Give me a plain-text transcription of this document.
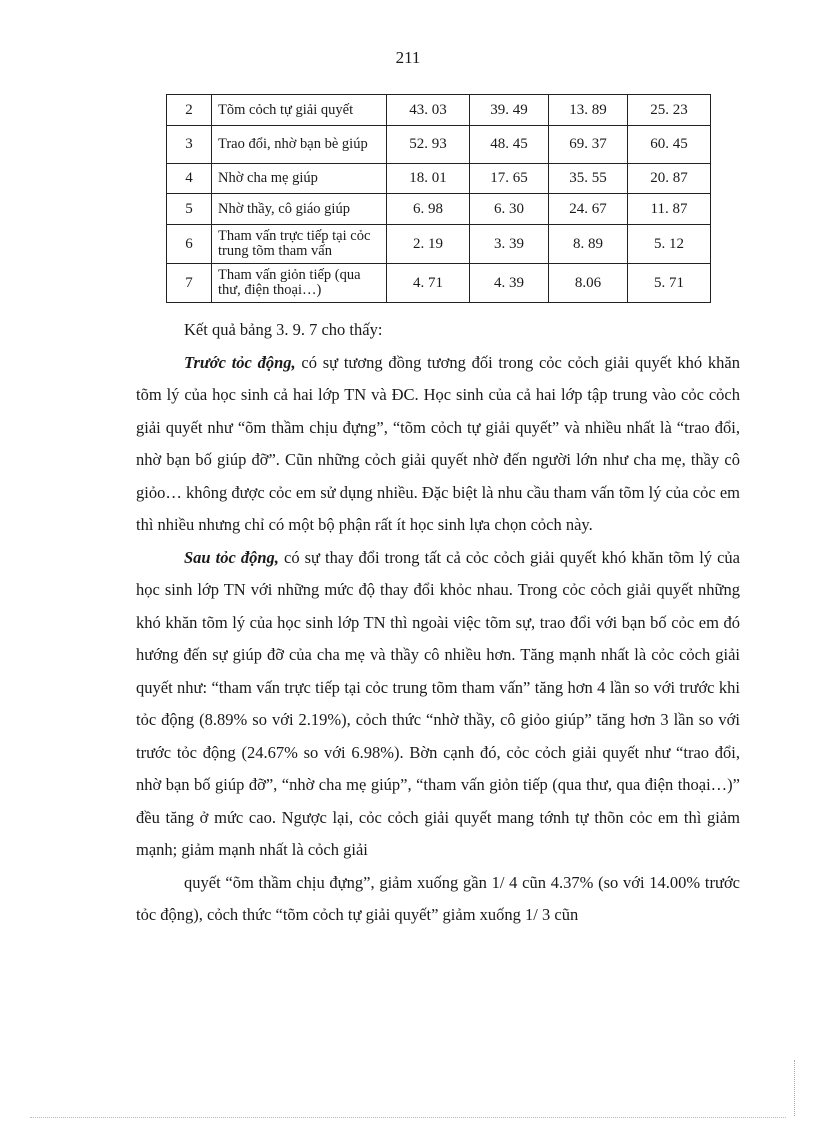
211
2	Tõm cỏch tự giải quyết	43. 03	39. 49	13. 89	25. 23
3	Trao đổi, nhờ bạn bè giúp	52. 93	48. 45	69. 37	60. 45
4	Nhờ cha mẹ giúp	18. 01	17. 65	35. 55	20. 87
5	Nhờ thầy, cô giáo giúp	6. 98	6. 30	24. 67	11. 87
6	Tham vấn trực tiếp tại cỏc trung tõm tham vấn	2. 19	3. 39	8. 89	5. 12
7	Tham vấn giỏn tiếp (qua thư, điện thoại…)	4. 71	4. 39	8.06	5. 71

Kết quả bảng 3. 9. 7 cho thấy:

Trước tỏc động, có sự tương đồng tương đối trong cỏc cỏch giải quyết khó khăn tõm lý của học sinh cả hai lớp TN và ĐC. Học sinh của cả hai lớp tập trung vào cỏc cỏch giải quyết như “õm thầm chịu đựng”, “tõm cỏch tự giải quyết” và nhiều nhất là “trao đổi, nhờ bạn bố giúp đỡ”. Cũn những cỏch giải quyết nhờ đến người lớn như cha mẹ, thầy cô giỏo… không được cỏc em sử dụng nhiều. Đặc biệt là nhu cầu tham vấn tõm lý của cỏc em thì nhiều nhưng chỉ có một bộ phận rất ít học sinh lựa chọn cỏch này.

Sau tỏc động, có sự thay đổi trong tất cả cỏc cỏch giải quyết khó khăn tõm lý của học sinh lớp TN với những mức độ thay đổi khỏc nhau. Trong cỏc cỏch giải quyết những khó khăn tõm lý của học sinh lớp TN thì ngoài việc tõm sự, trao đổi với bạn bố cỏc em đó hướng đến sự giúp đỡ của cha mẹ và thầy cô nhiều hơn. Tăng mạnh nhất là cỏc cỏch giải quyết như: “tham vấn trực tiếp tại cỏc trung tõm tham vấn” tăng hơn 4 lần so với trước khi tỏc động (8.89% so với 2.19%), cỏch thức “nhờ thầy, cô giỏo giúp” tăng hơn 3 lần so với trước tỏc động (24.67% so với 6.98%). Bờn cạnh đó, cỏc cỏch giải quyết như “trao đổi, nhờ bạn bố giúp đỡ”, “nhờ cha mẹ giúp”, “tham vấn giỏn tiếp (qua thư, qua điện thoại…)” đều tăng ở mức cao. Ngược lại, cỏc cỏch giải quyết mang tớnh tự thõn cỏc em thì giảm mạnh; giảm mạnh nhất là cỏch giải

quyết “õm thầm chịu đựng”, giảm xuống gần 1/ 4 cũn 4.37% (so với 14.00% trước tỏc động), cỏch thức “tõm cỏch tự giải quyết” giảm xuống 1/ 3 cũn
